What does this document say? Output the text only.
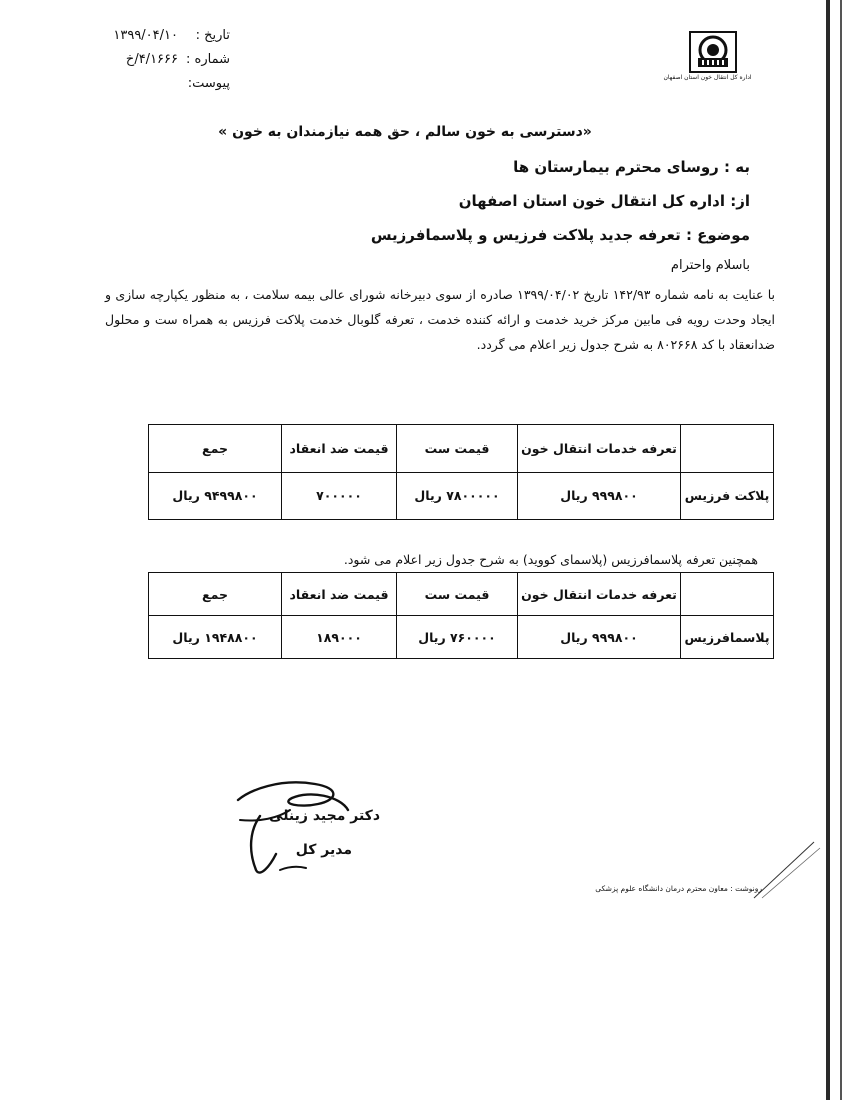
اداره کل انتقال خون استان اصفهان
تاریخ :
۱۳۹۹/۰۴/۱۰
شماره :
۴/۱۶۶۶/خ
پیوست:
«دسترسی به خون سالم ، حق همه نیازمندان به خون »
به : روسای محترم بیمارستان ها
از: اداره کل انتقال خون استان اصفهان
موضوع : تعرفه جدید پلاکت فرزیس و پلاسمافرزیس
باسلام واحترام
با عنایت به نامه شماره ۱۴۲/۹۳ تاریخ ۱۳۹۹/۰۴/۰۲ صادره از سوی دبیرخانه شورای عالی بیمه سلامت ، به منظور یکپارچه سازی و ایجاد وحدت رویه فی مابین مرکز خرید خدمت و ارائه کننده خدمت ، تعرفه گلوبال خدمت پلاکت فرزیس به همراه ست و محلول ضدانعقاد با کد ۸۰۲۶۶۸ به شرح جدول زیر اعلام می گردد.
	تعرفه خدمات انتقال خون	قیمت ست	قیمت ضد انعقاد	جمع
پلاکت فرزیس	۹۹۹۸۰۰ ریال	۷۸۰۰۰۰۰ ریال	۷۰۰۰۰۰	۹۴۹۹۸۰۰ ریال
همچنین تعرفه پلاسمافرزیس (پلاسمای کووید) به شرح جدول زیر اعلام می شود.
	تعرفه خدمات انتقال خون	قیمت ست	قیمت ضد انعقاد	جمع
پلاسمافرزیس	۹۹۹۸۰۰ ریال	۷۶۰۰۰۰ ریال	۱۸۹۰۰۰	۱۹۴۸۸۰۰ ریال
دکتر مجید زینلی
مدیر کل
رونوشت : معاون محترم درمان دانشگاه علوم پزشکی
